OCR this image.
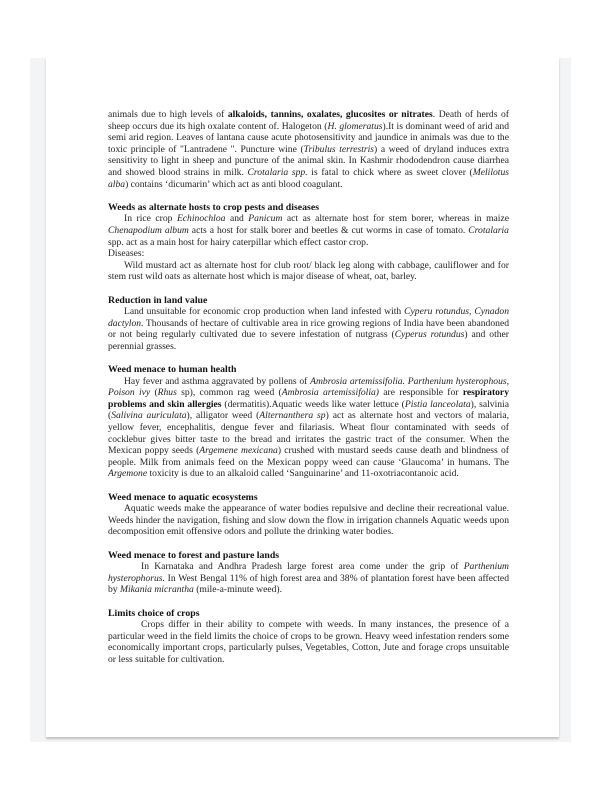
animals due to high levels of alkaloids, tannins, oxalates, glucosites or nitrates. Death of herds of sheep occurs due its high oxalate content of. Halogeton (H. glomeratus).It is dominant weed of arid and semi arid region. Leaves of lantana cause acute photosensitivity and jaundice in animals was due to the toxic principle of "Lantradene ". Puncture wine (Tribulus terrestris) a weed of dryland induces extra sensitivity to light in sheep and puncture of the animal skin. In Kashmir rhododendron cause diarrhea and showed blood strains in milk. Crotalaria spp. is fatal to chick where as sweet clover (Melilotus alba) contains ‘dicumarin’ which act as anti blood coagulant.

Weeds as alternate hosts to crop pests and diseases

In rice crop Echinochloa and Panicum act as alternate host for stem borer, whereas in maize Chenapodium album acts a host for stalk borer and beetles & cut worms in case of tomato. Crotalaria spp. act as a main host for hairy caterpillar which effect castor crop.

Diseases:

Wild mustard act as alternate host for club root/ black leg along with cabbage, cauliflower and for stem rust wild oats as alternate host which is major disease of wheat, oat, barley.

Reduction in land value

Land unsuitable for economic crop production when land infested with Cyperu rotundus, Cynadon dactylon. Thousands of hectare of cultivable area in rice growing regions of India have been abandoned or not being regularly cultivated due to severe infestation of nutgrass (Cyperus rotundus) and other perennial grasses.

Weed menace to human health

Hay fever and asthma aggravated by pollens of Ambrosia artemissifolia. Parthenium hysterophous, Poison ivy (Rhus sp), common rag weed (Ambrosia artemissifolia) are responsible for respiratory problems and skin allergies (dermatitis).Aquatic weeds like water lettuce (Pistia lanceolata), salvinia (Salivina auriculata), alligator weed (Alternanthera sp) act as alternate host and vectors of malaria, yellow fever, encephalitis, dengue fever and filariasis. Wheat flour contaminated with seeds of cocklebur gives bitter taste to the bread and irritates the gastric tract of the consumer. When the Mexican poppy seeds (Argemene mexicana) crushed with mustard seeds cause death and blindness of people. Milk from animals feed on the Mexican poppy weed can cause ‘Glaucoma’ in humans. The Argemone toxicity is due to an alkaloid called ‘Sanguinarine’ and 11-oxotriacontanoic acid.

Weed menace to aquatic ecosystems

Aquatic weeds make the appearance of water bodies repulsive and decline their recreational value. Weeds hinder the navigation, fishing and slow down the flow in irrigation channels Aquatic weeds upon decomposition emit offensive odors and pollute the drinking water bodies.

Weed menace to forest and pasture lands

In Karnataka and Andhra Pradesh large forest area come under the grip of Parthenium hysterophorus. In West Bengal 11% of high forest area and 38% of plantation forest have been affected by Mikania micrantha (mile-a-minute weed).

Limits choice of crops

Crops differ in their ability to compete with weeds. In many instances, the presence of a particular weed in the field limits the choice of crops to be grown. Heavy weed infestation renders some economically important crops, particularly pulses, Vegetables, Cotton, Jute and forage crops unsuitable or less suitable for cultivation.
